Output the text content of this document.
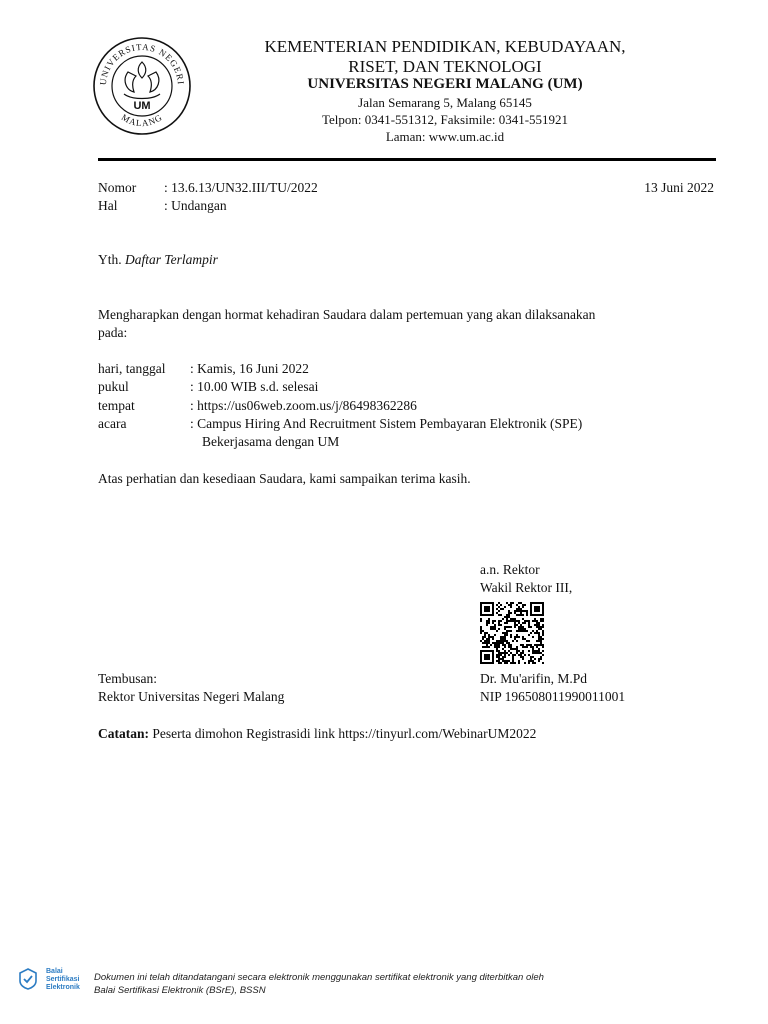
UNIVERSITAS NEGERI
MALANG
UM
KEMENTERIAN PENDIDIKAN, KEBUDAYAAN,
RISET, DAN TEKNOLOGI
UNIVERSITAS NEGERI MALANG (UM)
Jalan Semarang 5, Malang 65145
Telpon: 0341-551312, Faksimile: 0341-551921
Laman: www.um.ac.id
Nomor : 13.6.13/UN32.III/TU/2022
Hal	: Undangan
13 Juni 2022
Yth. Daftar Terlampir
Mengharapkan dengan hormat kehadiran Saudara dalam pertemuan yang akan dilaksanakan
pada:
hari, tanggal : Kamis, 16 Juni 2022
pukul	: 10.00 WIB s.d. selesai
tempat	: https://us06web.zoom.us/j/86498362286
acara	: Campus Hiring And Recruitment Sistem Pembayaran Elektronik (SPE)
Bekerjasama dengan UM
Atas perhatian dan kesediaan Saudara, kami sampaikan terima kasih.
a.n. Rektor
Wakil Rektor III,
Dr. Mu'arifin, M.Pd
NIP 196508011990011001
Tembusan:
Rektor Universitas Negeri Malang
Catatan: Peserta dimohon Registrasidi link https://tinyurl.com/WebinarUM2022
Balai
Sertifikasi
Elektronik
Dokumen ini telah ditandatangani secara elektronik menggunakan sertifikat elektronik yang diterbitkan oleh
Balai Sertifikasi Elektronik (BSrE), BSSN
